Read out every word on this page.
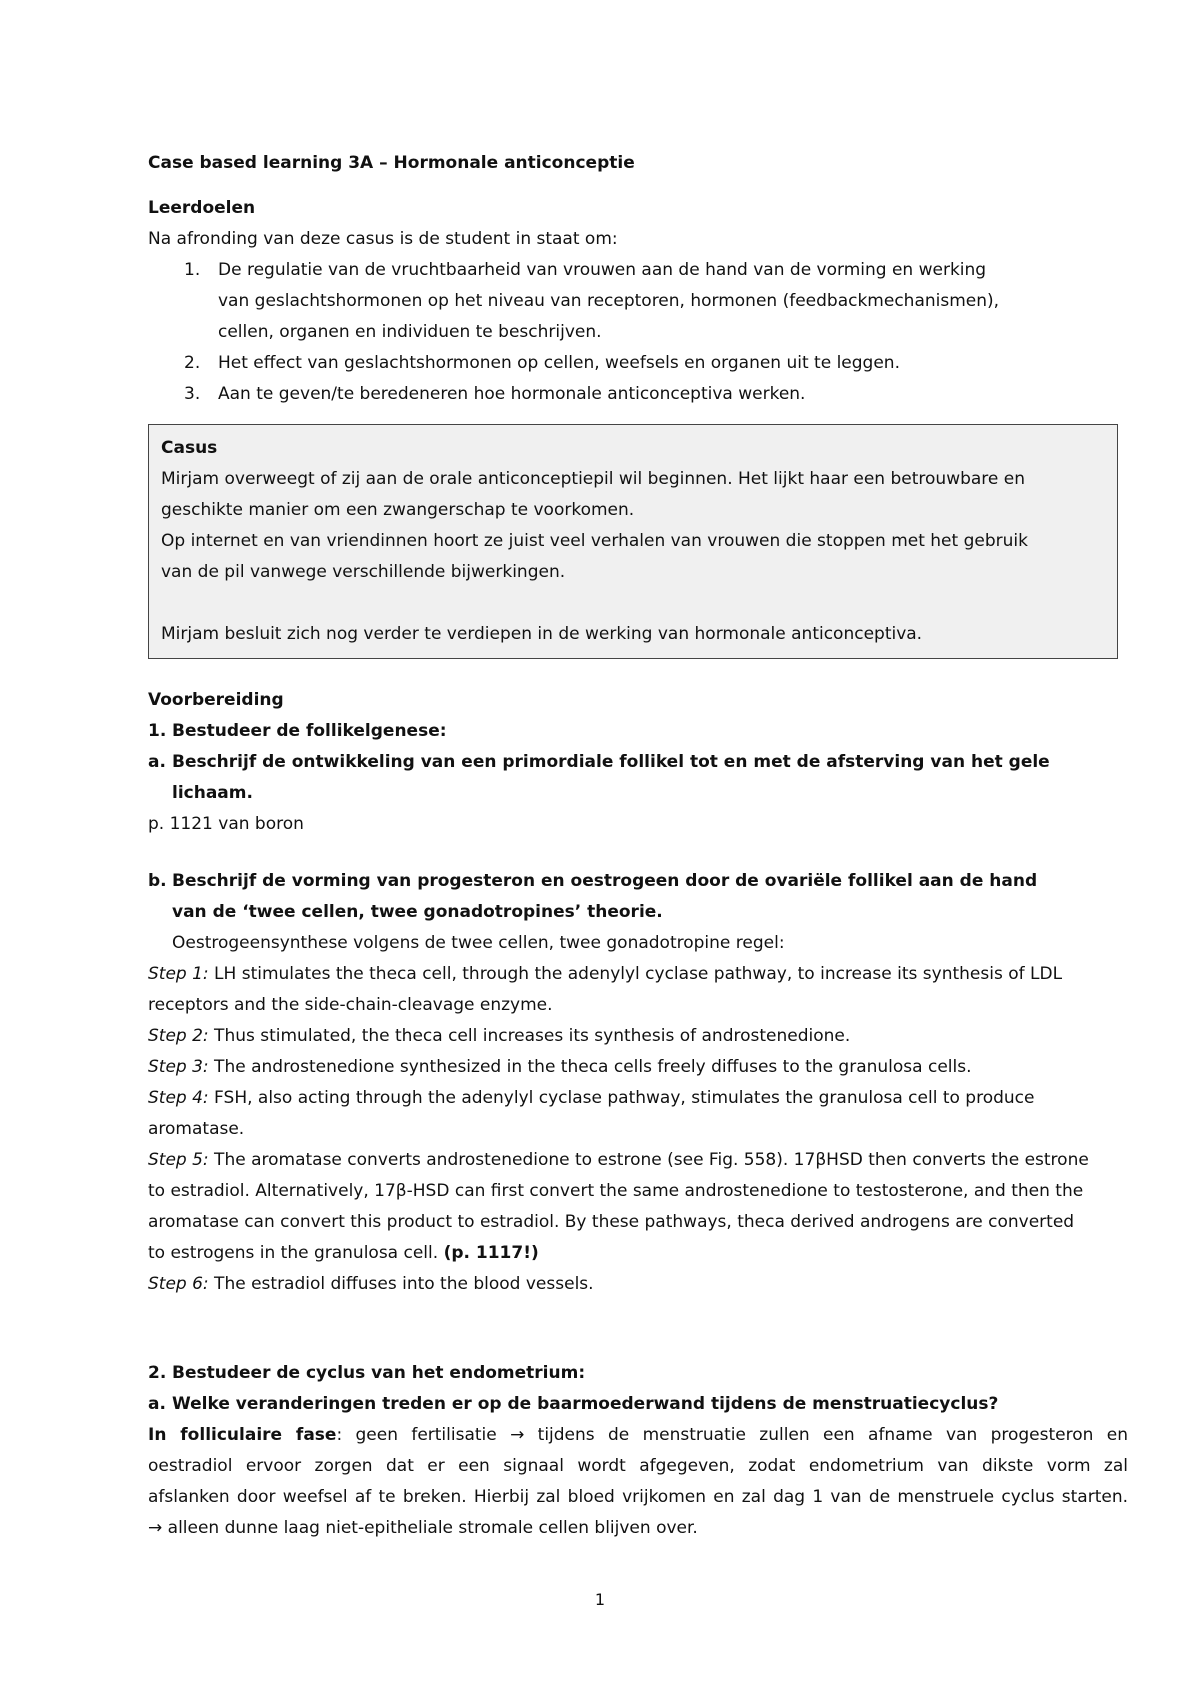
Case based learning 3A – Hormonale anticonceptie

Leerdoelen

Na afronding van deze casus is de student in staat om:

1. De regulatie van de vruchtbaarheid van vrouwen aan de hand van de vorming en werking
van geslachtshormonen op het niveau van receptoren, hormonen (feedbackmechanismen),
cellen, organen en individuen te beschrijven.
2. Het effect van geslachtshormonen op cellen, weefsels en organen uit te leggen.
3. Aan te geven/te beredeneren hoe hormonale anticonceptiva werken.

Casus

Mirjam overweegt of zij aan de orale anticonceptiepil wil beginnen. Het lijkt haar een betrouwbare en

geschikte manier om een zwangerschap te voorkomen.

Op internet en van vriendinnen hoort ze juist veel verhalen van vrouwen die stoppen met het gebruik

van de pil vanwege verschillende bijwerkingen.

Mirjam besluit zich nog verder te verdiepen in de werking van hormonale anticonceptiva.

Voorbereiding

1. Bestudeer de follikelgenese:
a. Beschrijf de ontwikkeling van een primordiale follikel tot en met de afsterving van het gele
lichaam.

p. 1121 van boron

b. Beschrijf de vorming van progesteron en oestrogeen door de ovariële follikel aan de hand
van de ‘twee cellen, twee gonadotropines’ theorie.

Oestrogeensynthese volgens de twee cellen, twee gonadotropine regel:

Step 1: LH stimulates the theca cell, through the adenylyl cyclase pathway, to increase its synthesis of LDL

receptors and the side-chain-cleavage enzyme.

Step 2: Thus stimulated, the theca cell increases its synthesis of androstenedione.

Step 3: The androstenedione synthesized in the theca cells freely diffuses to the granulosa cells.

Step 4: FSH, also acting through the adenylyl cyclase pathway, stimulates the granulosa cell to produce

aromatase.

Step 5: The aromatase converts androstenedione to estrone (see Fig. 558). 17βHSD then converts the estrone

to estradiol. Alternatively, 17β-HSD can first convert the same androstenedione to testosterone, and then the

aromatase can convert this product to estradiol. By these pathways, theca derived androgens are converted

to estrogens in the granulosa cell. (p. 1117!)

Step 6: The estradiol diffuses into the blood vessels.

2. Bestudeer de cyclus van het endometrium:
a. Welke veranderingen treden er op de baarmoederwand tijdens de menstruatiecyclus?

In folliculaire fase: geen fertilisatie → tijdens de menstruatie zullen een afname van progesteron en

oestradiol ervoor zorgen dat er een signaal wordt afgegeven, zodat endometrium van dikste vorm zal

afslanken door weefsel af te breken. Hierbij zal bloed vrijkomen en zal dag 1 van de menstruele cyclus starten.

→ alleen dunne laag niet-epitheliale stromale cellen blijven over.

1
